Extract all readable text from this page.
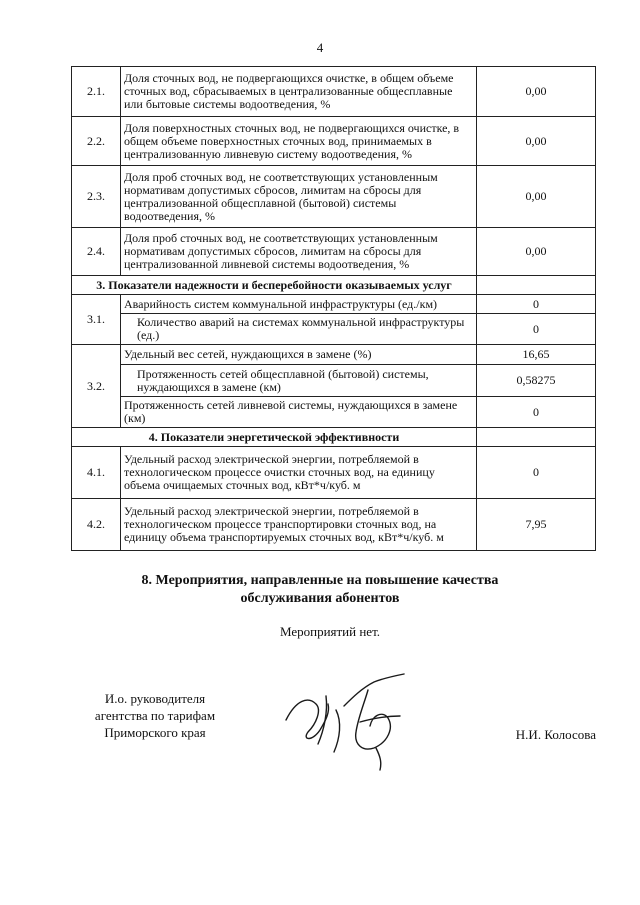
4
2.1.	Доля сточных вод, не подвергающихся очистке, в общем объеме сточных вод, сбрасываемых в централизованные общесплавные или бытовые системы водоотведения, %	0,00
2.2.	Доля поверхностных сточных вод, не подвергающихся очистке, в общем объеме поверхностных сточных вод, принимаемых в централизованную ливневую систему водоотведения, %	0,00
2.3.	Доля проб сточных вод, не соответствующих установленным нормативам допустимых сбросов, лимитам на сбросы для централизованной общесплавной (бытовой) системы водоотведения, %	0,00
2.4.	Доля проб сточных вод, не соответствующих установленным нормативам допустимых сбросов, лимитам на сбросы для централизованной ливневой системы водоотведения, %	0,00
3. Показатели надежности и бесперебойности оказываемых услуг		
3.1.	Аварийность систем коммунальной инфраструктуры (ед./км)	0
	Количество аварий на системах коммунальной инфраструктуры (ед.)	0
3.2.	Удельный вес сетей, нуждающихся в замене (%)	16,65
	Протяженность сетей общесплавной (бытовой) системы, нуждающихся в замене (км)	0,58275
	Протяженность сетей ливневой системы, нуждающихся в замене (км)	0
4. Показатели энергетической эффективности		
4.1.	Удельный расход электрической энергии, потребляемой в технологическом процессе очистки сточных вод, на единицу объема очищаемых сточных вод, кВт*ч/куб. м	0
4.2.	Удельный расход электрической энергии, потребляемой в технологическом процессе транспортировки сточных вод, на единицу объема транспортируемых сточных вод, кВт*ч/куб. м	7,95
8. Мероприятия, направленные на повышение качества
обслуживания абонентов
Мероприятий нет.
И.о. руководителя
агентства по тарифам
Приморского края	Н.И. Колосова
